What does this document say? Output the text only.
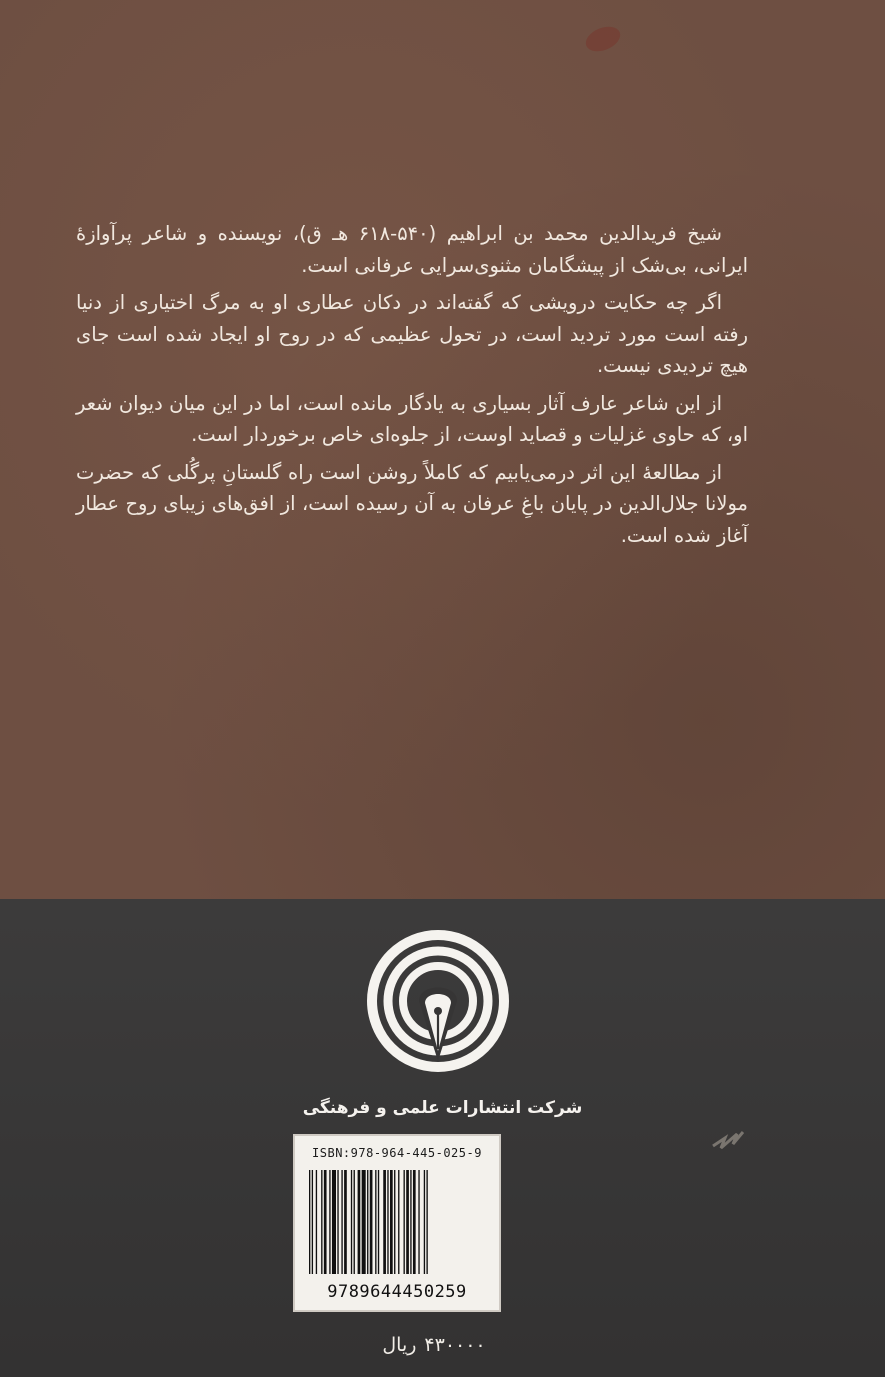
شیخ فریدالدین محمد بن ابراهیم (۵۴۰-۶۱۸ هـ ق)، نویسنده و شاعر پرآوازهٔ ایرانی، بی‌شک از پیشگامان مثنوی‌سرایی عرفانی است.

اگر چه حکایت درویشی که گفته‌اند در دکان عطاری او به مرگ اختیاری از دنیا رفته است مورد تردید است، در تحول عظیمی که در روح او ایجاد شده است جای هیچ تردیدی نیست.

از این شاعر عارف آثار بسیاری به یادگار مانده است، اما در این میان دیوان شعر او، که حاوی غزلیات و قصاید اوست، از جلوه‌ای خاص برخوردار است.

از مطالعهٔ این اثر درمی‌یابیم که کاملاً روشن است راه گلستانِ پرگُلی که حضرت مولانا جلال‌الدین در پایان باغِ عرفان به آن رسیده است، از افق‌های زیبای روح عطار آغاز شده است.

شرکت انتشارات علمی و فرهنگی
ISBN:978-964-445-025-9
9789644450259
۴۳۰۰۰۰ریال
